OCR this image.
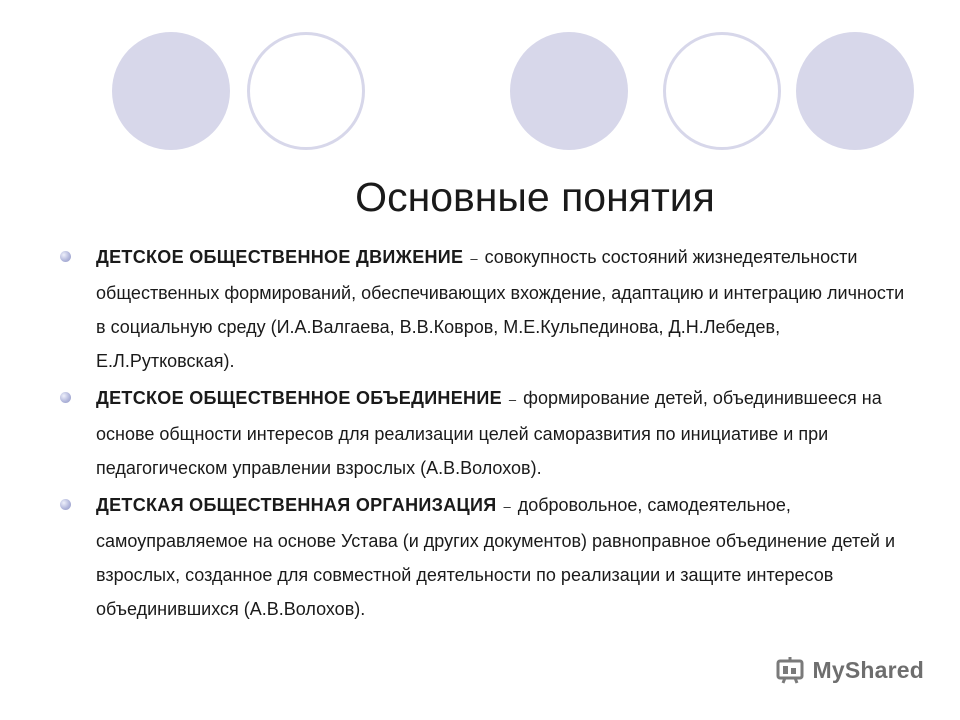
Основные понятия
ДЕТСКОЕ ОБЩЕСТВЕННОЕ ДВИЖЕНИЕ – совокупность состояний жизнедеятельности общественных формирований, обеспечивающих вхождение, адаптацию и интеграцию личности в социальную среду (И.А.Валгаева, В.В.Ковров, М.Е.Кульпединова, Д.Н.Лебедев, Е.Л.Рутковская).
ДЕТСКОЕ ОБЩЕСТВЕННОЕ ОБЪЕДИНЕНИЕ – формирование детей, объединившееся на основе общности интересов для реализации целей саморазвития по инициативе и при педагогическом управлении взрослых (А.В.Волохов).
ДЕТСКАЯ ОБЩЕСТВЕННАЯ ОРГАНИЗАЦИЯ – добровольное, самодеятельное, самоуправляемое на основе Устава (и других документов) равноправное объединение детей и взрослых, созданное для совместной деятельности по реализации и защите интересов объединившихся (А.В.Волохов).
MyShared
